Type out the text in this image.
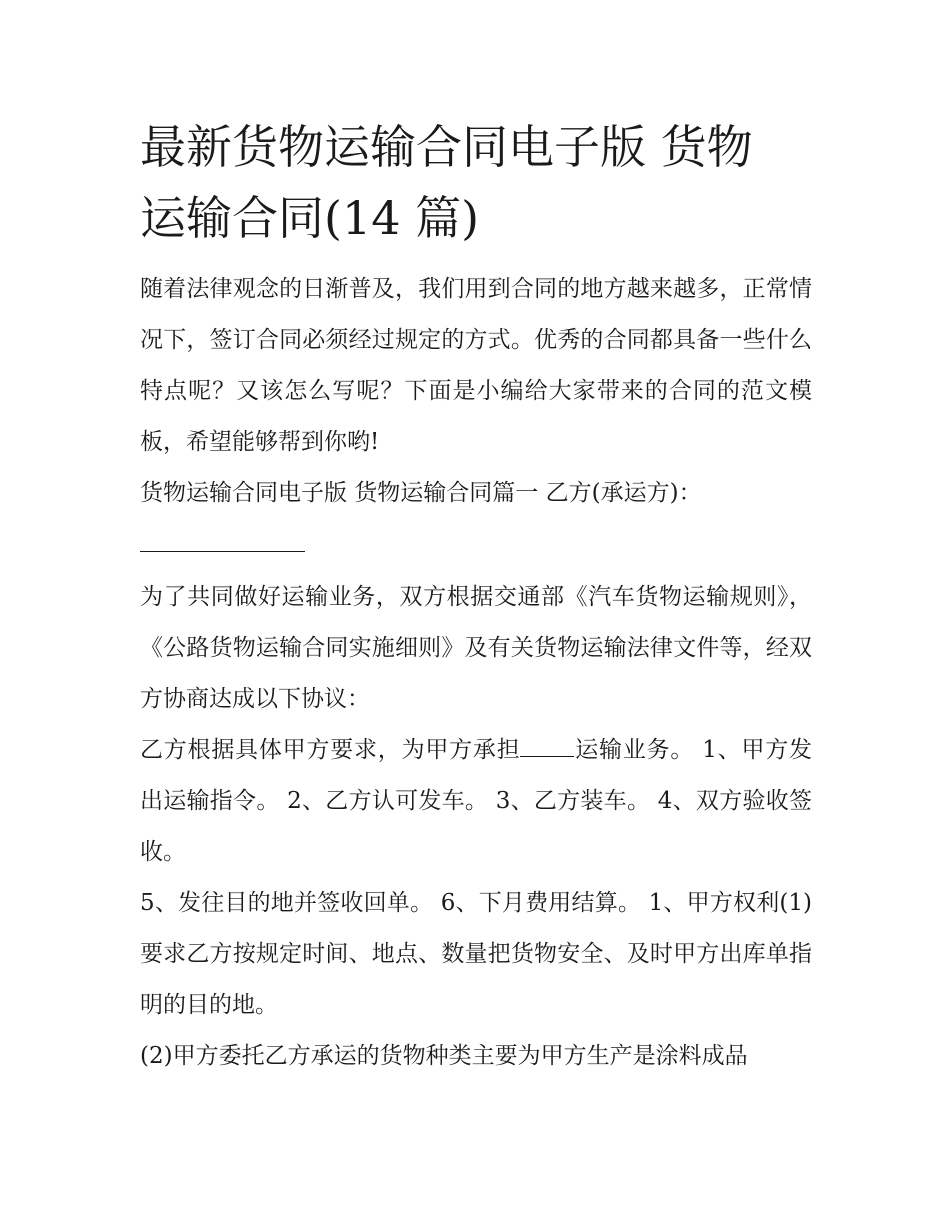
最新货物运输合同电子版 货物
运输合同(14 篇)

随着法律观念的日渐普及，我们用到合同的地方越来越多，正常情况下，签订合同必须经过规定的方式。优秀的合同都具备一些什么特点呢？又该怎么写呢？下面是小编给大家带来的合同的范文模板，希望能够帮到你哟!

货物运输合同电子版 货物运输合同篇一 乙方(承运方)：

为了共同做好运输业务，双方根据交通部《汽车货物运输规则》，《公路货物运输合同实施细则》及有关货物运输法律文件等，经双方协商达成以下协议：

乙方根据具体甲方要求，为甲方承担 运输业务。 1、甲方发出运输指令。 2、乙方认可发车。 3、乙方装车。 4、双方验收签收。

5、发往目的地并签收回单。 6、下月费用结算。 1、甲方权利(1)要求乙方按规定时间、地点、数量把货物安全、及时甲方出库单指明的目的地。

(2)甲方委托乙方承运的货物种类主要为甲方生产是涂料成品
